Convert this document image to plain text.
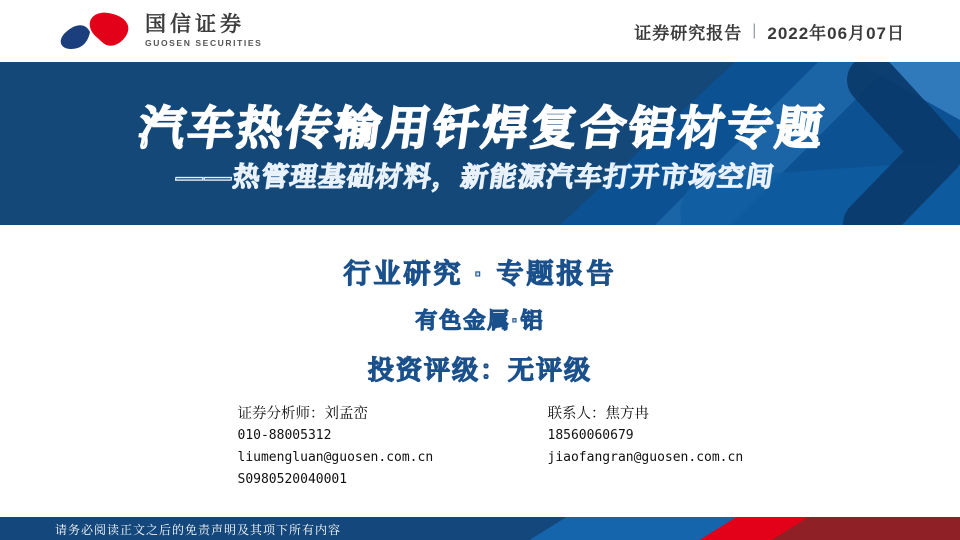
国信证券
GUOSEN SECURITIES
证券研究报告 | 2022年06月07日
汽车热传输用钎焊复合铝材专题
——热管理基础材料，新能源汽车打开市场空间
行业研究 · 专题报告
有色金属·铝
投资评级：无评级
证券分析师：刘孟峦
010-88005312
liumengluan@guosen.com.cn
S0980520040001
联系人：焦方冉
18560060679
jiaofangran@guosen.com.cn
请务必阅读正文之后的免责声明及其项下所有内容
